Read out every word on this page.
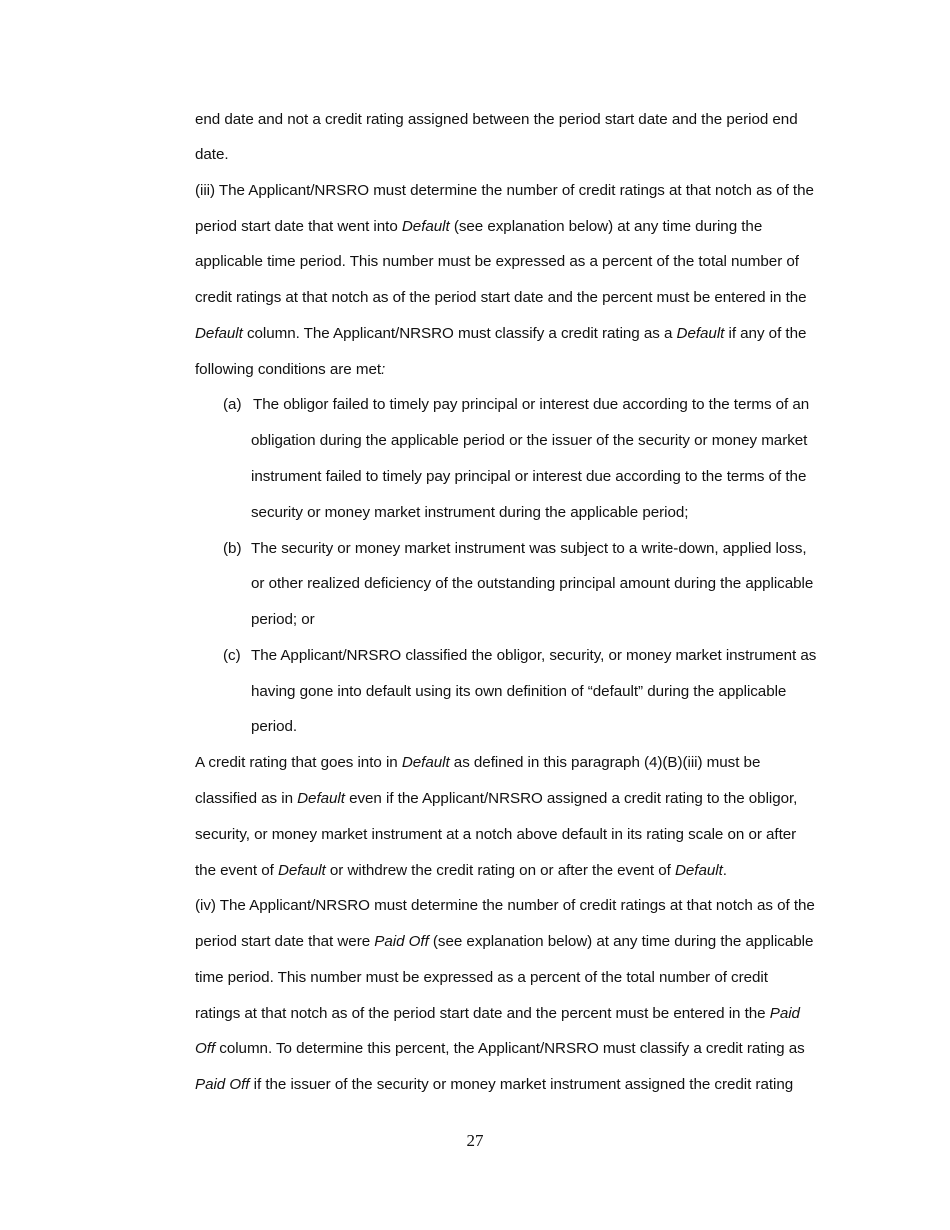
end date and not a credit rating assigned between the period start date and the period end
date.
(iii) The Applicant/NRSRO must determine the number of credit ratings at that notch as of the
period start date that went into Default (see explanation below) at any time during the
applicable time period. This number must be expressed as a percent of the total number of
credit ratings at that notch as of the period start date and the percent must be entered in the
Default column. The Applicant/NRSRO must classify a credit rating as a Default if any of the
following conditions are met:
(a) The obligor failed to timely pay principal or interest due according to the terms of an
obligation during the applicable period or the issuer of the security or money market
instrument failed to timely pay principal or interest due according to the terms of the
security or money market instrument during the applicable period;
(b) The security or money market instrument was subject to a write-down, applied loss,
or other realized deficiency of the outstanding principal amount during the applicable
period; or
(c) The Applicant/NRSRO classified the obligor, security, or money market instrument as
having gone into default using its own definition of “default” during the applicable
period.
A credit rating that goes into in Default as defined in this paragraph (4)(B)(iii) must be
classified as in Default even if the Applicant/NRSRO assigned a credit rating to the obligor,
security, or money market instrument at a notch above default in its rating scale on or after
the event of Default or withdrew the credit rating on or after the event of Default.
(iv) The Applicant/NRSRO must determine the number of credit ratings at that notch as of the
period start date that were Paid Off (see explanation below) at any time during the applicable
time period. This number must be expressed as a percent of the total number of credit
ratings at that notch as of the period start date and the percent must be entered in the Paid
Off column. To determine this percent, the Applicant/NRSRO must classify a credit rating as
Paid Off if the issuer of the security or money market instrument assigned the credit rating
27
